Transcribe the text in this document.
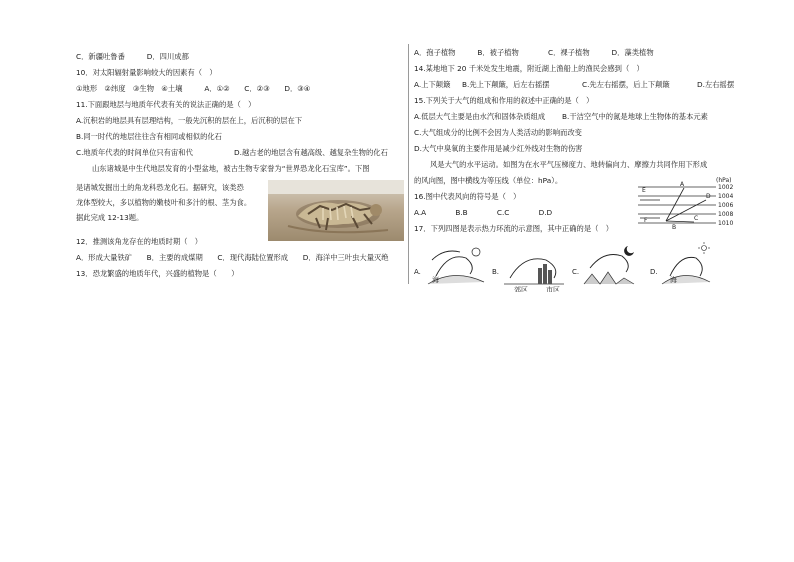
C．新疆吐鲁番　　　D．四川成都
10．对太阳辐射量影响较大的因素有（　）
①地形　②纬度　③生物　④土壤　　　A．①②　　C．②③　　D．③④
11.下面跟地层与地质年代表有关的说法正确的是（　）
A.沉积岩的地层具有层理结构，一般先沉积的层在上，后沉积的层在下
B.同一时代的地层往往含有相同或相似的化石
C.地质年代表的时间单位只有宙和代	D.越古老的地层含有越高级、越复杂生物的化石
山东诸城是中生代地层发育的小型盆地，被古生物专家誉为“世界恐龙化石宝库”。下图
是诸城发掘出土的角龙科恐龙化石。据研究，该类恐
龙体型较大，多以植物的嫩枝叶和多汁的根、茎为食。
据此完成 12-13题。
12．推测该角龙存在的地质时期（　）
A．形成大量铁矿　　B．主要的成煤期　　C．现代海陆位置形成　　D．海洋中三叶虫大量灭绝
13．恐龙繁盛的地质年代，兴盛的植物是（　　）
A．孢子植物　　　B．被子植物　　　　C．裸子植物　　　D．藻类植物
14.某地地下 20 千米处发生地震，附近湖上渔船上的渔民会感到（　）
A.上下颠簸 B.先上下颠簸，后左右摇摆	C.先左右摇摆，后上下颠簸	D.左右摇摆
15.下列关于大气的组成和作用的叙述中正确的是（　）
A.低层大气主要是由水汽和固体杂质组成 B.干洁空气中的氮是地球上生物体的基本元素
C.大气组成分的比例不会因为人类活动的影响而改变
D.大气中臭氧的主要作用是减少红外线对生物的伤害
风是大气的水平运动。如图为在水平气压梯度力、地转偏向力、摩擦力共同作用下形成
的风向图，图中横线为等压线（单位：hPa）。
16.图中代表风向的符号是（　）
A.A　　　　B.B　　　　C.C　　　　D.D
17．下列四图是表示热力环流的示意图，其中正确的是（　）
(hPa)
1002
1004
1006
1008
1010
E
A
D
F
B
C
A.
海
B.
郊区	市区
C.	D.
海
